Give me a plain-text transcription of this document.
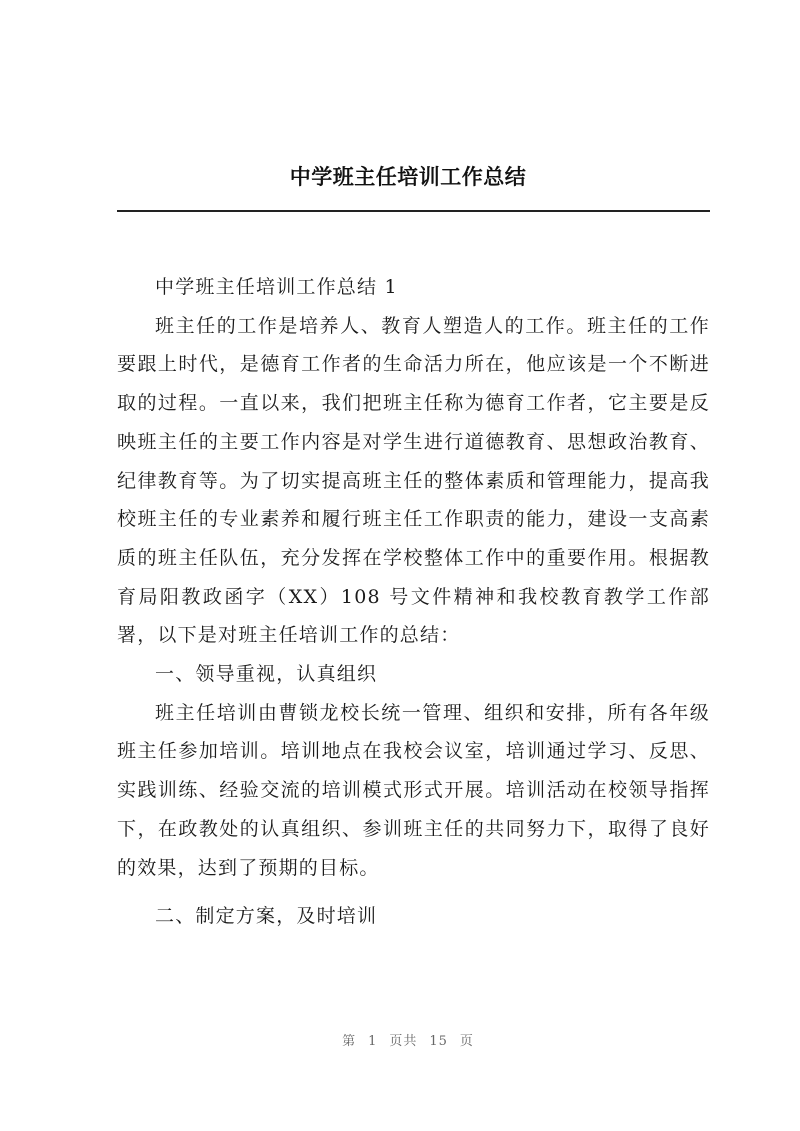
中学班主任培训工作总结

中学班主任培训工作总结 1

班主任的工作是培养人、教育人塑造人的工作。班主任的工作要跟上时代，是德育工作者的生命活力所在，他应该是一个不断进取的过程。一直以来，我们把班主任称为德育工作者，它主要是反映班主任的主要工作内容是对学生进行道德教育、思想政治教育、纪律教育等。为了切实提高班主任的整体素质和管理能力，提高我校班主任的专业素养和履行班主任工作职责的能力，建设一支高素质的班主任队伍，充分发挥在学校整体工作中的重要作用。根据教育局阳教政函字（XX）108 号文件精神和我校教育教学工作部署，以下是对班主任培训工作的总结：

一、领导重视，认真组织

班主任培训由曹锁龙校长统一管理、组织和安排，所有各年级班主任参加培训。培训地点在我校会议室，培训通过学习、反思、实践训练、经验交流的培训模式形式开展。培训活动在校领导指挥下，在政教处的认真组织、参训班主任的共同努力下，取得了良好的效果，达到了预期的目标。

二、制定方案，及时培训

第 1 页共 15 页
